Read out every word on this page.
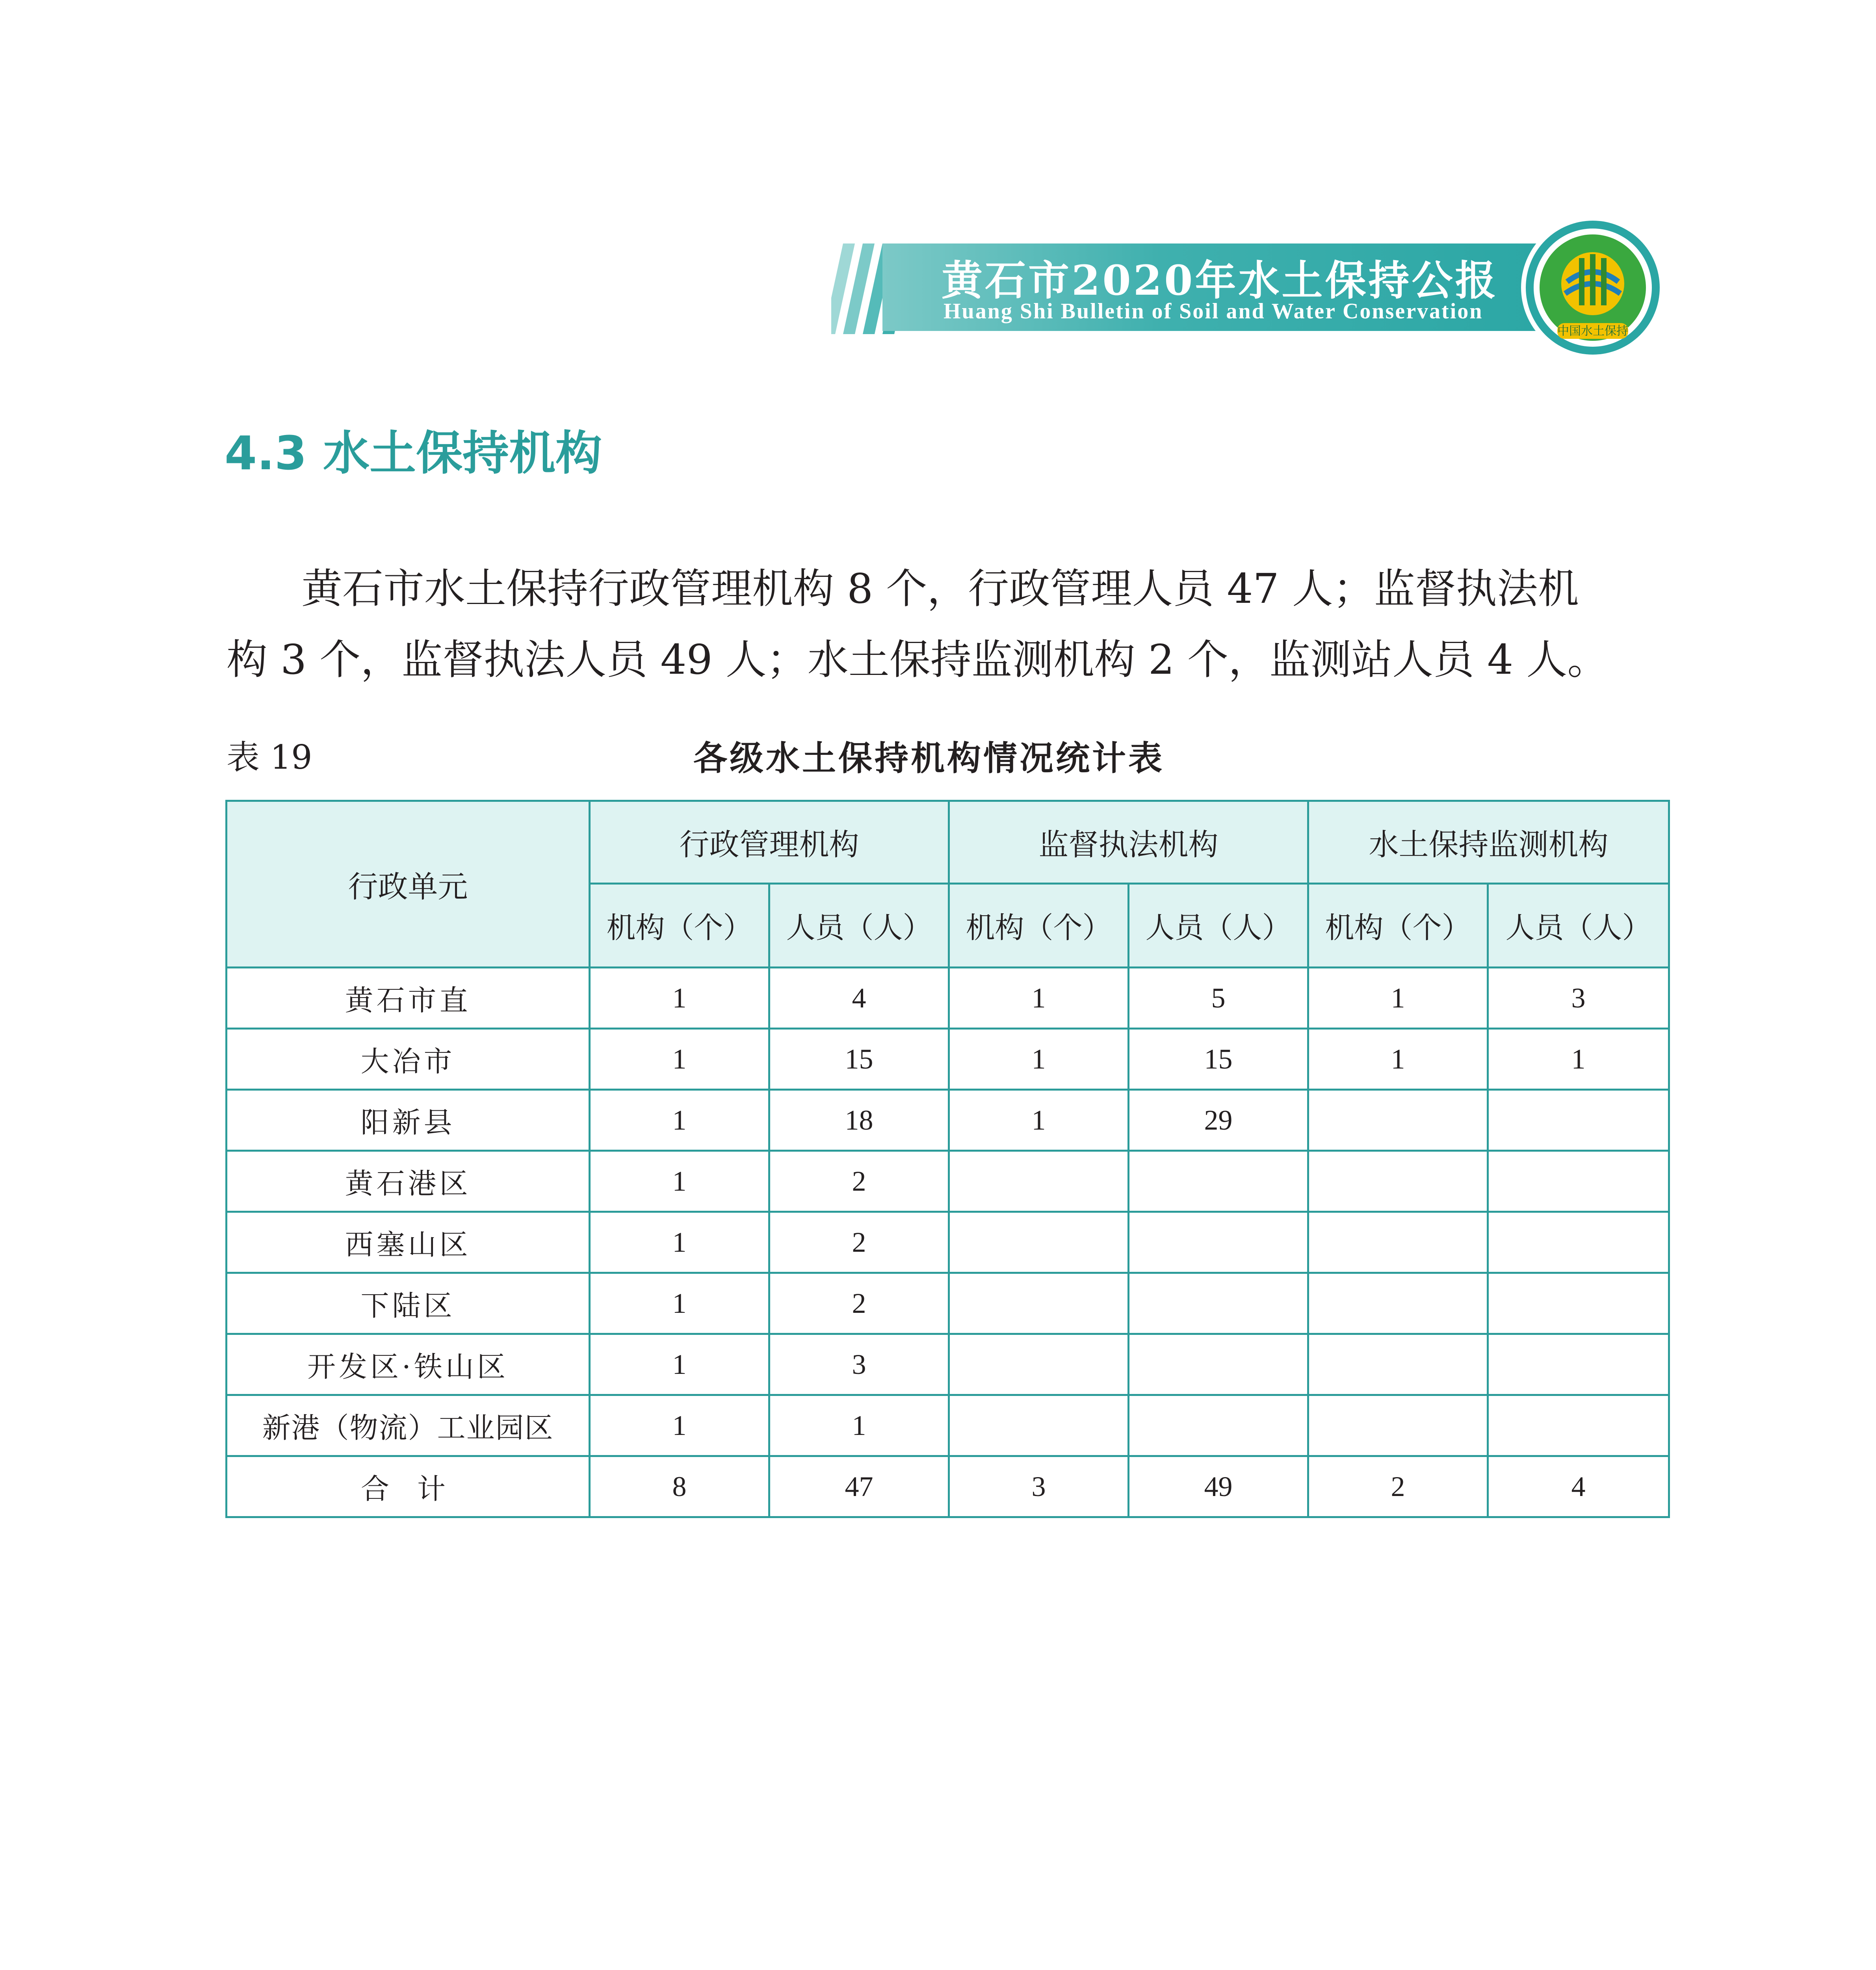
黄石市2020年水土保持公报
Huang Shi Bulletin of Soil and Water Conservation
中国水土保持
4.3 水土保持机构
黄石市水土保持行政管理机构 8 个，行政管理人员 47 人；监督执法机
构 3 个，监督执法人员 49 人；水土保持监测机构 2 个，监测站人员 4 人。
表 19	各级水土保持机构情况统计表
行政单元	行政管理机构		监督执法机构		水土保持监测机构	
	机构（个）	人员（人）	机构（个）	人员（人）	机构（个）	人员（人）
黄石市直	1	4	1	5	1	3
大冶市	1	15	1	15	1	1
阳新县	1	18	1	29		
黄石港区	1	2				
西塞山区	1	2				
下陆区	1	2				
开发区·铁山区	1	3				
新港（物流）工业园区	1	1				
合 计	8	47	3	49	2	4
